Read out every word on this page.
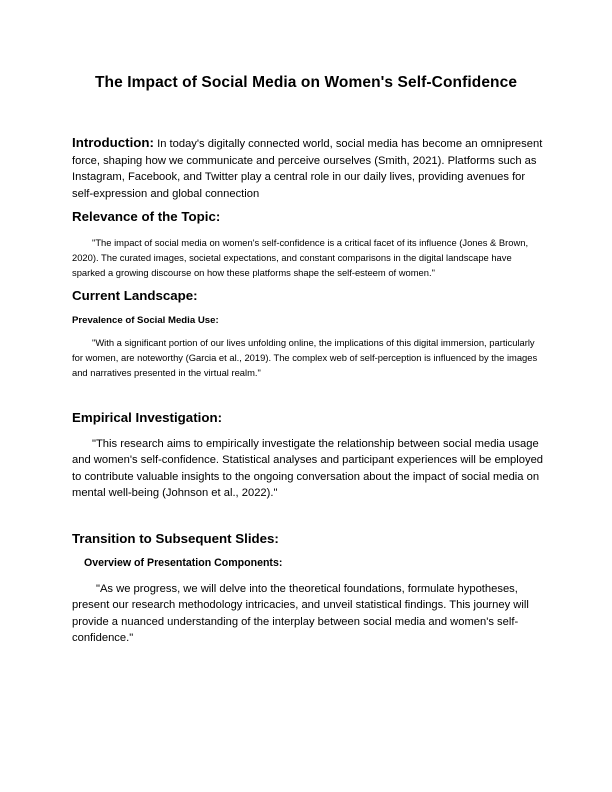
The Impact of Social Media on Women's Self-Confidence
Introduction: In today's digitally connected world, social media has become an omnipresent force, shaping how we communicate and perceive ourselves (Smith, 2021). Platforms such as Instagram, Facebook, and Twitter play a central role in our daily lives, providing avenues for self-expression and global connection
Relevance of the Topic:

"The impact of social media on women's self-confidence is a critical facet of its influence (Jones & Brown, 2020). The curated images, societal expectations, and constant comparisons in the digital landscape have sparked a growing discourse on how these platforms shape the self-esteem of women."

Current Landscape:
Prevalence of Social Media Use:

"With a significant portion of our lives unfolding online, the implications of this digital immersion, particularly for women, are noteworthy (Garcia et al., 2019). The complex web of self-perception is influenced by the images and narratives presented in the virtual realm."

Empirical Investigation:

"This research aims to empirically investigate the relationship between social media usage and women's self-confidence. Statistical analyses and participant experiences will be employed to contribute valuable insights to the ongoing conversation about the impact of social media on mental well-being (Johnson et al., 2022)."

Transition to Subsequent Slides:
Overview of Presentation Components:

"As we progress, we will delve into the theoretical foundations, formulate hypotheses, present our research methodology intricacies, and unveil statistical findings. This journey will provide a nuanced understanding of the interplay between social media and women's self-confidence."
